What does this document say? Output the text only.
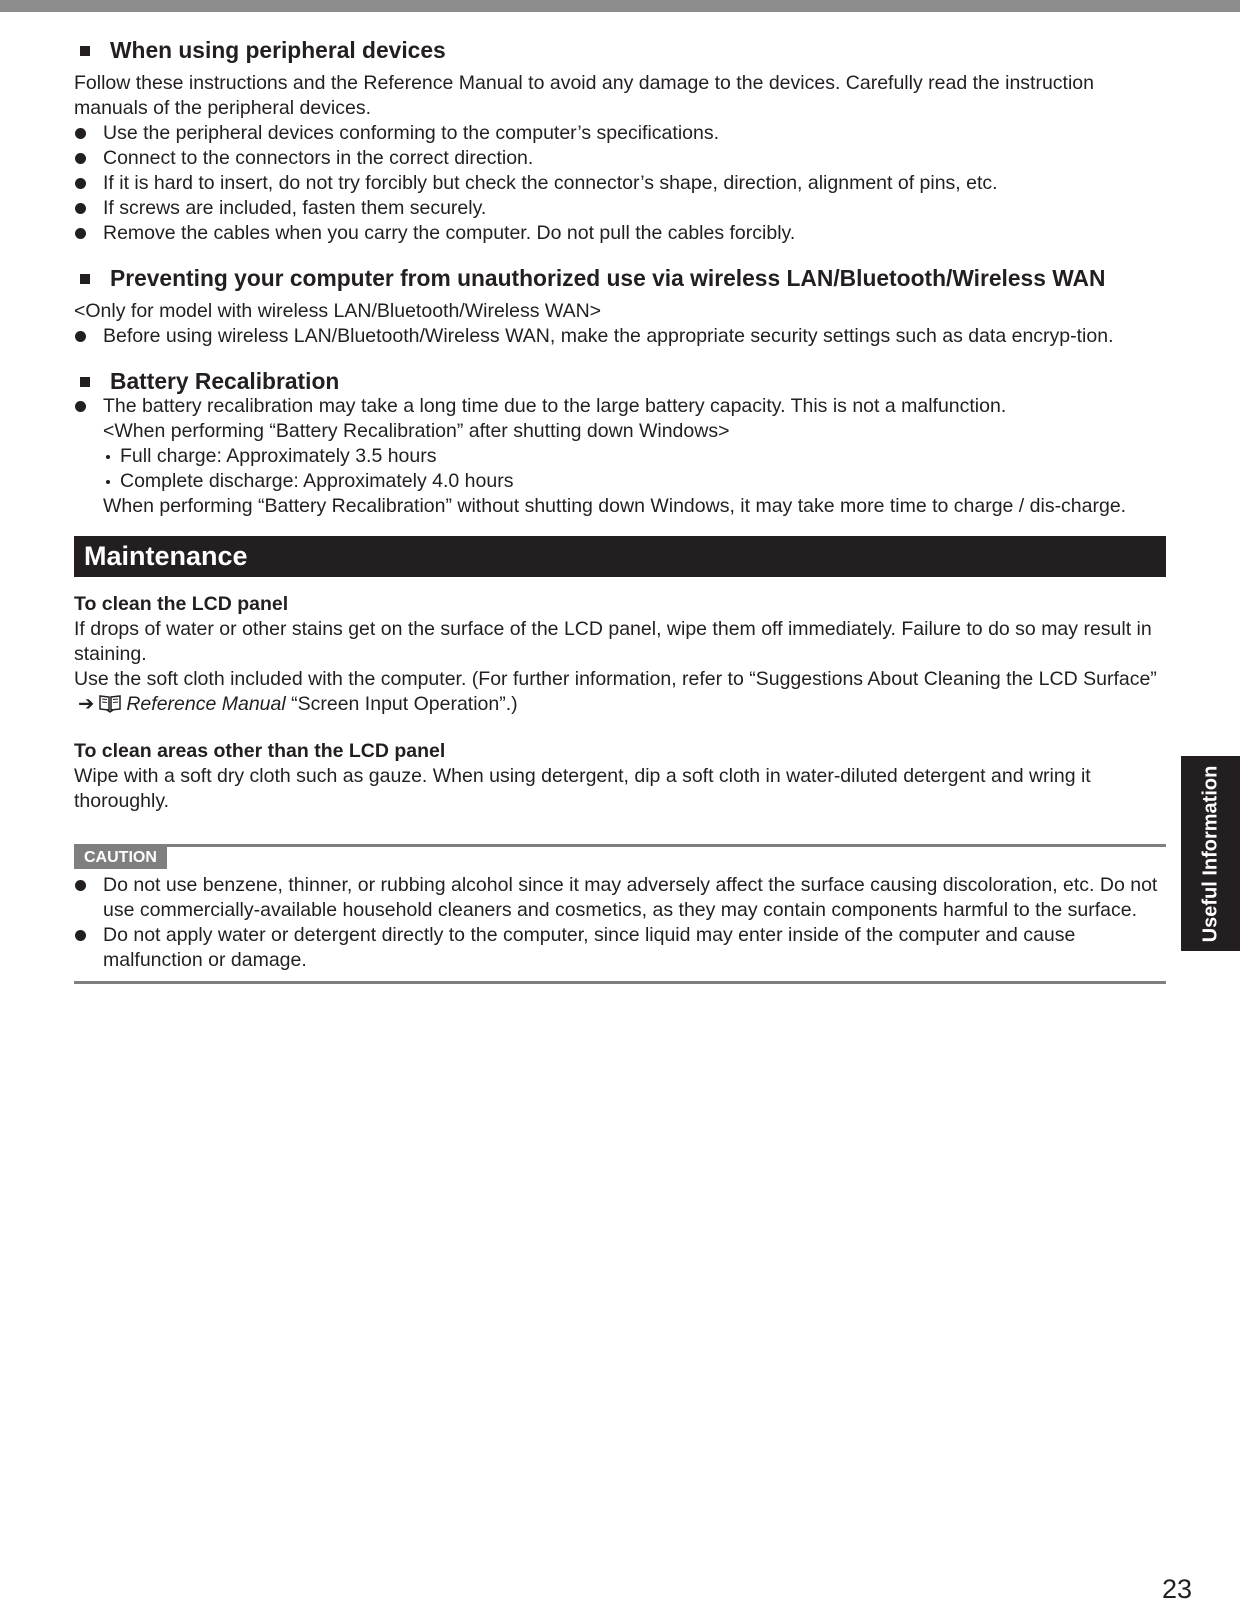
When using peripheral devices

Follow these instructions and the Reference Manual to avoid any damage to the devices. Carefully read the instruction manuals of the peripheral devices.

Use the peripheral devices conforming to the computer’s specifications.
Connect to the connectors in the correct direction.
If it is hard to insert, do not try forcibly but check the connector’s shape, direction, alignment of pins, etc.
If screws are included, fasten them securely.
Remove the cables when you carry the computer. Do not pull the cables forcibly.
Preventing your computer from unauthorized use via wireless LAN/Bluetooth/Wireless WAN

<Only for model with wireless LAN/Bluetooth/Wireless WAN>

Before using wireless LAN/Bluetooth/Wireless WAN, make the appropriate security settings such as data encryp-tion.
Battery Recalibration
The battery recalibration may take a long time due to the large battery capacity. This is not a malfunction.
<When performing “Battery Recalibration” after shutting down Windows>
Full charge: Approximately 3.5 hours
Complete discharge: Approximately 4.0 hours
When performing “Battery Recalibration” without shutting down Windows, it may take more time to charge / dis-charge.
Maintenance

To clean the LCD panel

If drops of water or other stains get on the surface of the LCD panel, wipe them off immediately. Failure to do so may result in staining.

Use the soft cloth included with the computer. (For further information, refer to “Suggestions About Cleaning the LCD Surface” ➔ Reference Manual “Screen Input Operation”.)

To clean areas other than the LCD panel

Wipe with a soft dry cloth such as gauze. When using detergent, dip a soft cloth in water-diluted detergent and wring it thoroughly.

CAUTION
Do not use benzene, thinner, or rubbing alcohol since it may adversely affect the surface causing discoloration, etc. Do not use commercially-available household cleaners and cosmetics, as they may contain components harmful to the surface.
Do not apply water or detergent directly to the computer, since liquid may enter inside of the computer and cause malfunction or damage.
Useful Information
23
